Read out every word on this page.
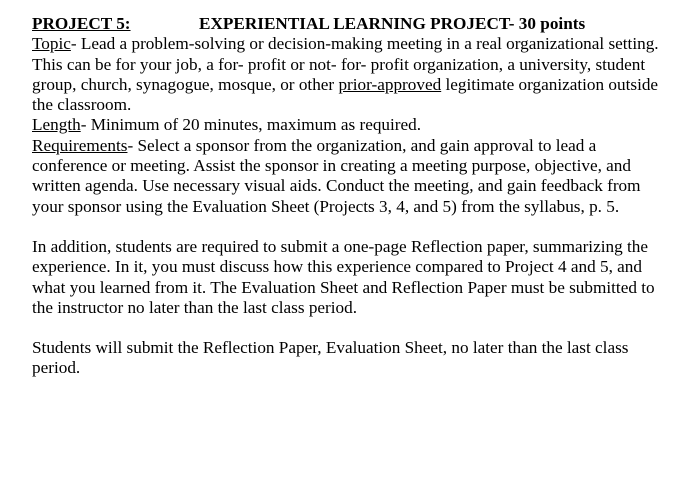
PROJECT 5:	EXPERIENTIAL LEARNING PROJECT- 30 points

Topic- Lead a problem-solving or decision-making meeting in a real organizational setting. This can be for your job, a for- profit or not- for- profit organization, a university, student group, church, synagogue, mosque, or other prior-approved legitimate organization outside the classroom.

Length- Minimum of 20 minutes, maximum as required.

Requirements- Select a sponsor from the organization, and gain approval to lead a conference or meeting. Assist the sponsor in creating a meeting purpose, objective, and written agenda. Use necessary visual aids. Conduct the meeting, and gain feedback from your sponsor using the Evaluation Sheet (Projects 3, 4, and 5) from the syllabus, p. 5.

In addition, students are required to submit a one-page Reflection paper, summarizing the experience. In it, you must discuss how this experience compared to Project 4 and 5, and what you learned from it. The Evaluation Sheet and Reflection Paper must be submitted to the instructor no later than the last class period.

Students will submit the Reflection Paper, Evaluation Sheet, no later than the last class period.
